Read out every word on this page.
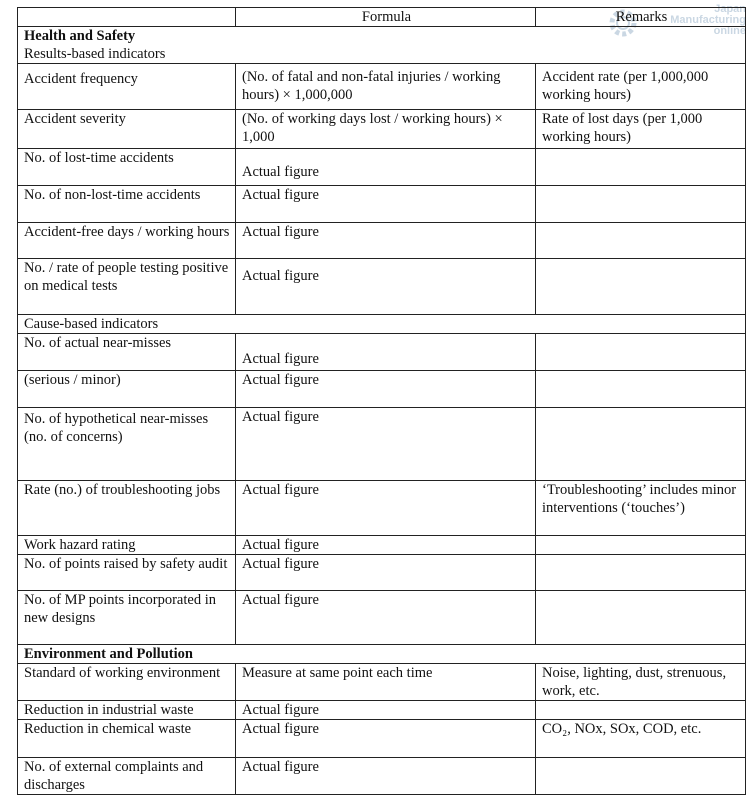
Japan
Manufacturing
online
	Formula	Remarks
Health and Safety		
Results-based indicators		
Accident frequency	(No. of fatal and non-fatal injuries / working hours) × 1,000,000	Accident rate (per 1,000,000 working hours)
Accident severity	(No. of working days lost / working hours) × 1,000	Rate of lost days (per 1,000 working hours)
No. of lost-time accidents	Actual figure	
No. of non-lost-time accidents	Actual figure	
Accident-free days / working hours	Actual figure	
No. / rate of people testing positive on medical tests	Actual figure	
Cause-based indicators		
No. of actual near-misses	Actual figure	
(serious / minor)	Actual figure	
No. of hypothetical near-misses (no. of concerns)	Actual figure	
Rate (no.) of troubleshooting jobs	Actual figure	‘Troubleshooting’ includes minor interventions (‘touches’)
Work hazard rating	Actual figure	
No. of points raised by safety audit	Actual figure	
No. of MP points incorporated in new designs	Actual figure	
Environment and Pollution		
Standard of working environment	Measure at same point each time	Noise, lighting, dust, strenuous, work, etc.
Reduction in industrial waste	Actual figure	
Reduction in chemical waste	Actual figure	CO₂, NOx, SOx, COD, etc.
No. of external complaints and discharges	Actual figure	
